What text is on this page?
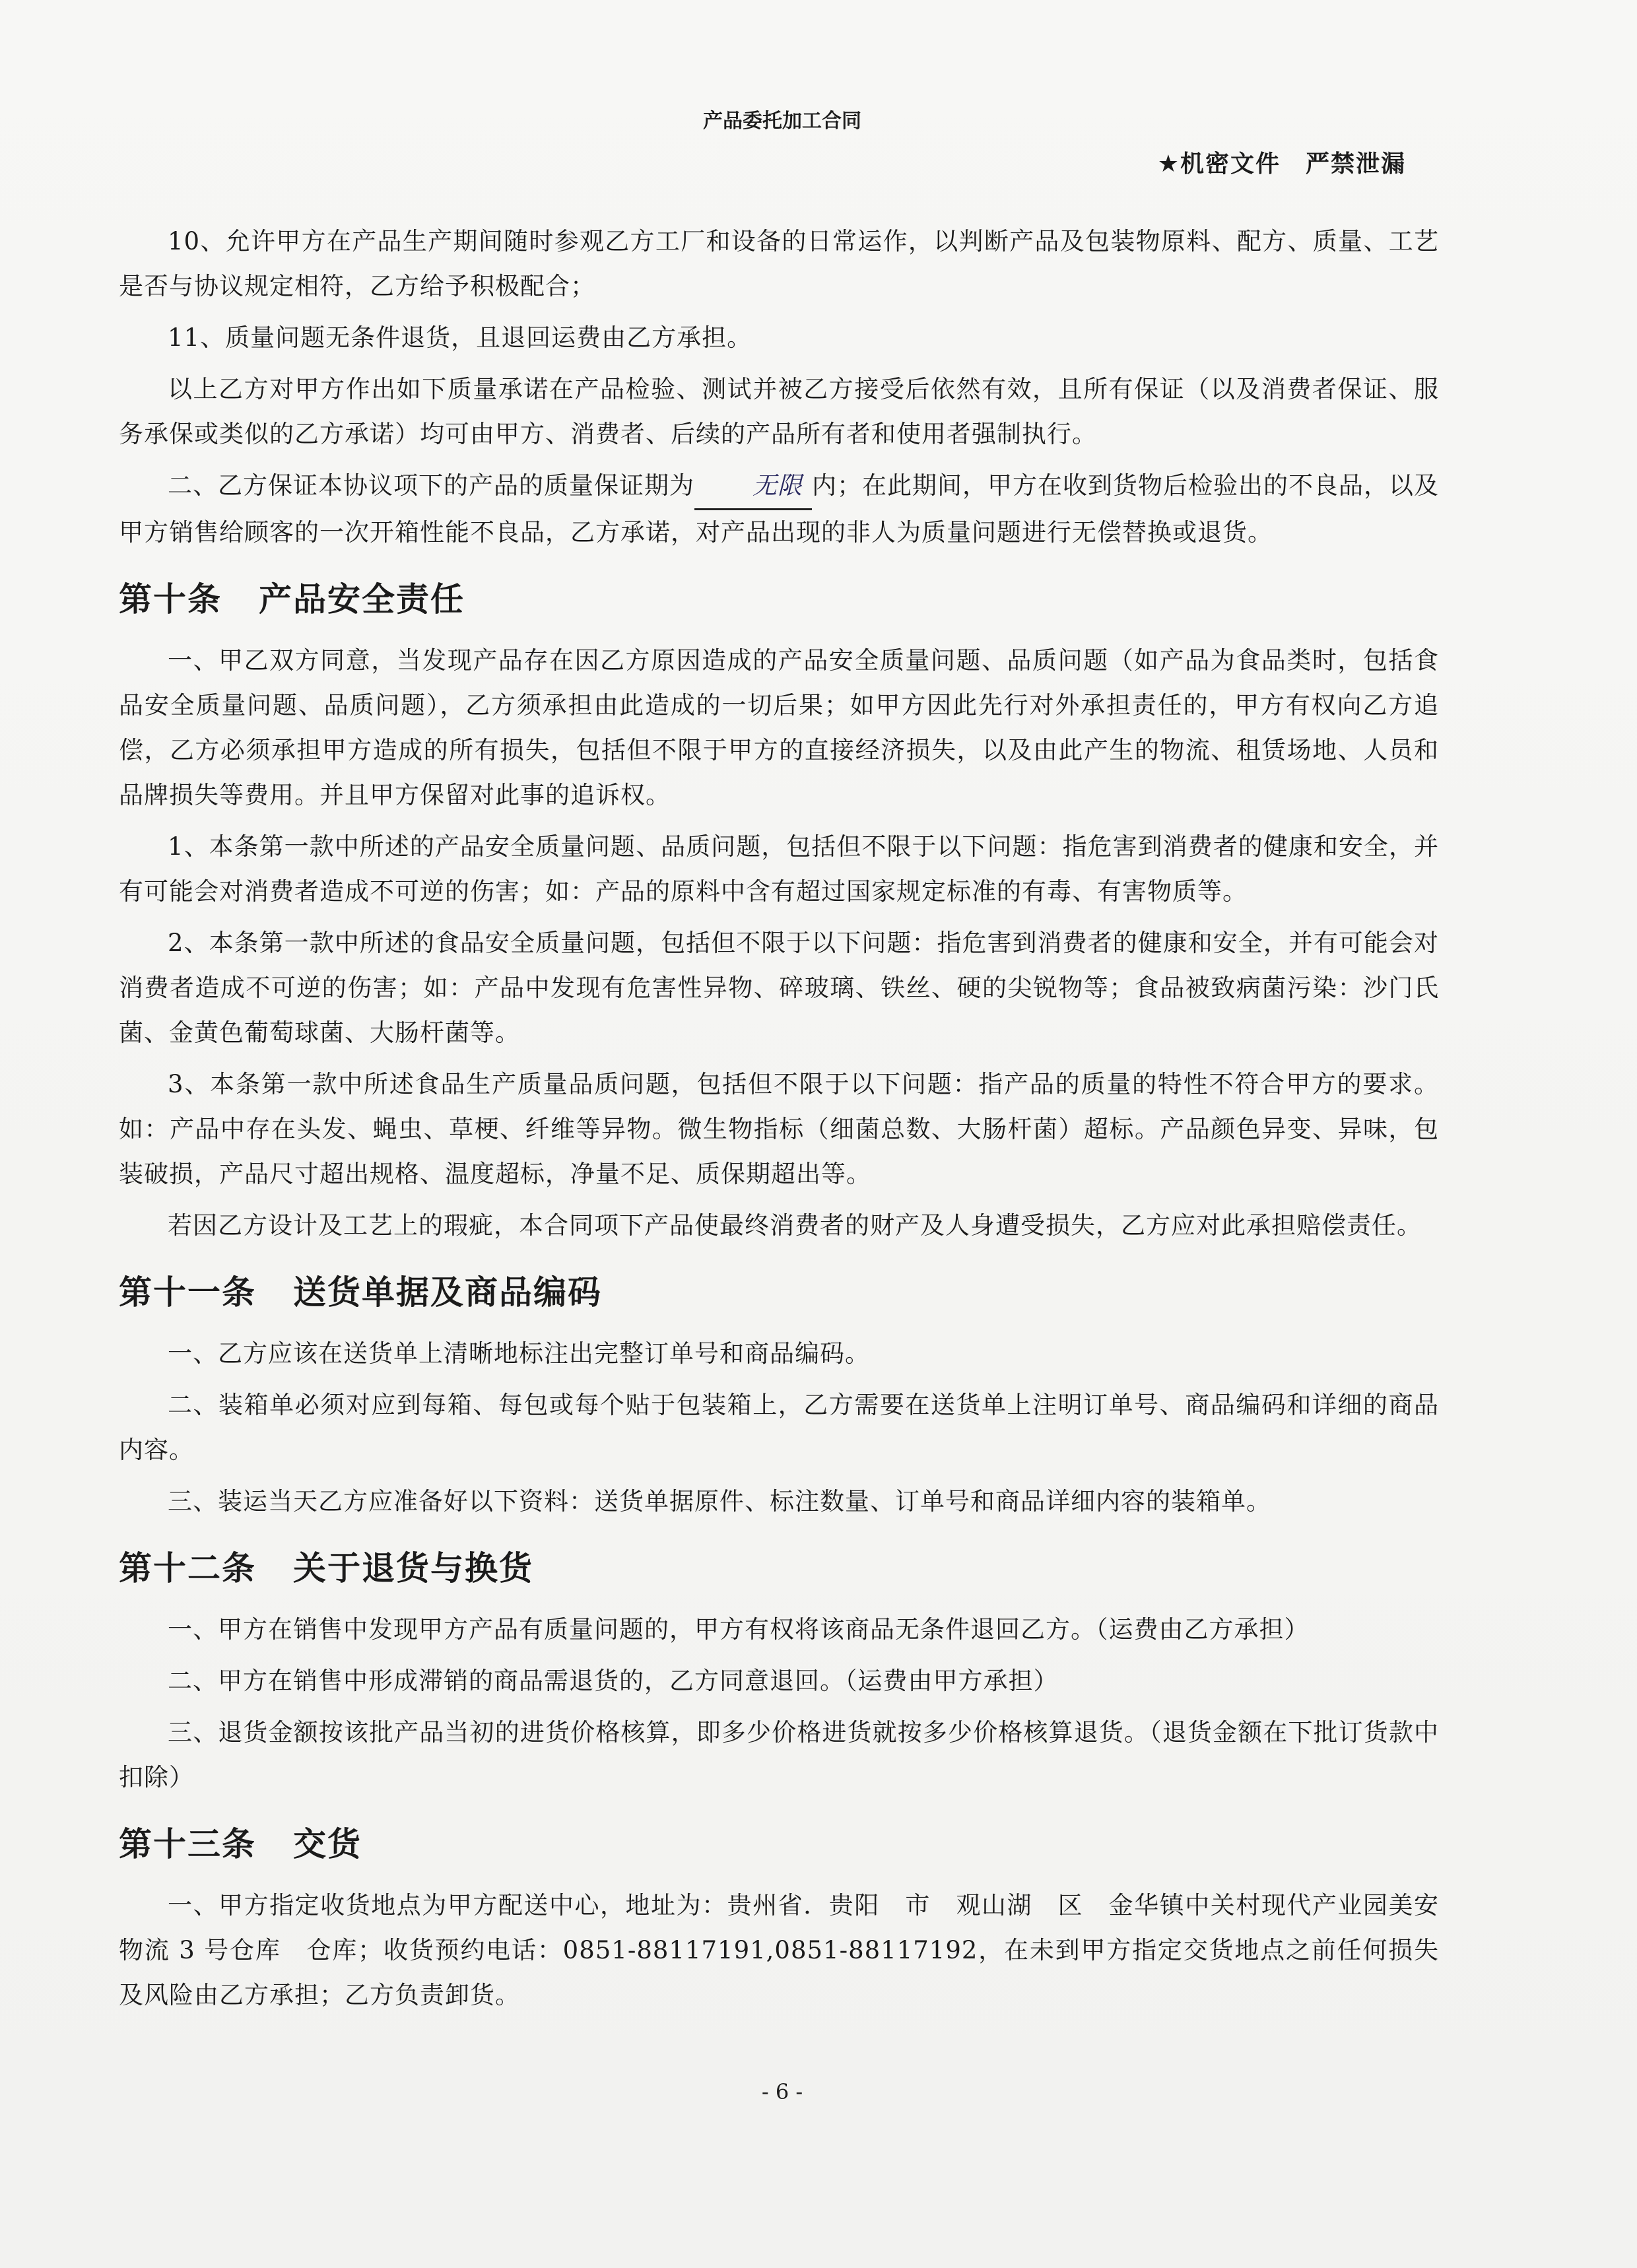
产品委托加工合同
★机密文件　严禁泄漏

10、允许甲方在产品生产期间随时参观乙方工厂和设备的日常运作，以判断产品及包装物原料、配方、质量、工艺是否与协议规定相符，乙方给予积极配合；

11、质量问题无条件退货，且退回运费由乙方承担。

以上乙方对甲方作出如下质量承诺在产品检验、测试并被乙方接受后依然有效，且所有保证（以及消费者保证、服务承保或类似的乙方承诺）均可由甲方、消费者、后续的产品所有者和使用者强制执行。

二、乙方保证本协议项下的产品的质量保证期为 无限 内；在此期间，甲方在收到货物后检验出的不良品，以及甲方销售给顾客的一次开箱性能不良品，乙方承诺，对产品出现的非人为质量问题进行无偿替换或退货。

第十条 产品安全责任

一、甲乙双方同意，当发现产品存在因乙方原因造成的产品安全质量问题、品质问题（如产品为食品类时，包括食品安全质量问题、品质问题），乙方须承担由此造成的一切后果；如甲方因此先行对外承担责任的，甲方有权向乙方追偿，乙方必须承担甲方造成的所有损失，包括但不限于甲方的直接经济损失，以及由此产生的物流、租赁场地、人员和品牌损失等费用。并且甲方保留对此事的追诉权。

1、本条第一款中所述的产品安全质量问题、品质问题，包括但不限于以下问题：指危害到消费者的健康和安全，并有可能会对消费者造成不可逆的伤害；如：产品的原料中含有超过国家规定标准的有毒、有害物质等。

2、本条第一款中所述的食品安全质量问题，包括但不限于以下问题：指危害到消费者的健康和安全，并有可能会对消费者造成不可逆的伤害；如：产品中发现有危害性异物、碎玻璃、铁丝、硬的尖锐物等；食品被致病菌污染：沙门氏菌、金黄色葡萄球菌、大肠杆菌等。

3、本条第一款中所述食品生产质量品质问题，包括但不限于以下问题：指产品的质量的特性不符合甲方的要求。如：产品中存在头发、蝇虫、草梗、纤维等异物。微生物指标（细菌总数、大肠杆菌）超标。产品颜色异变、异味，包装破损，产品尺寸超出规格、温度超标，净量不足、质保期超出等。

若因乙方设计及工艺上的瑕疵，本合同项下产品使最终消费者的财产及人身遭受损失，乙方应对此承担赔偿责任。

第十一条 送货单据及商品编码

一、乙方应该在送货单上清晰地标注出完整订单号和商品编码。

二、装箱单必须对应到每箱、每包或每个贴于包装箱上，乙方需要在送货单上注明订单号、商品编码和详细的商品内容。

三、装运当天乙方应准备好以下资料：送货单据原件、标注数量、订单号和商品详细内容的装箱单。

第十二条 关于退货与换货

一、甲方在销售中发现甲方产品有质量问题的，甲方有权将该商品无条件退回乙方。（运费由乙方承担）

二、甲方在销售中形成滞销的商品需退货的，乙方同意退回。（运费由甲方承担）

三、退货金额按该批产品当初的进货价格核算，即多少价格进货就按多少价格核算退货。（退货金额在下批订货款中扣除）

第十三条 交货

一、甲方指定收货地点为甲方配送中心，地址为：贵州省．贵阳　市　观山湖　区　金华镇中关村现代产业园美安物流 3 号仓库　仓库；收货预约电话：0851-88117191,0851-88117192，在未到甲方指定交货地点之前任何损失及风险由乙方承担；乙方负责卸货。

- 6 -
